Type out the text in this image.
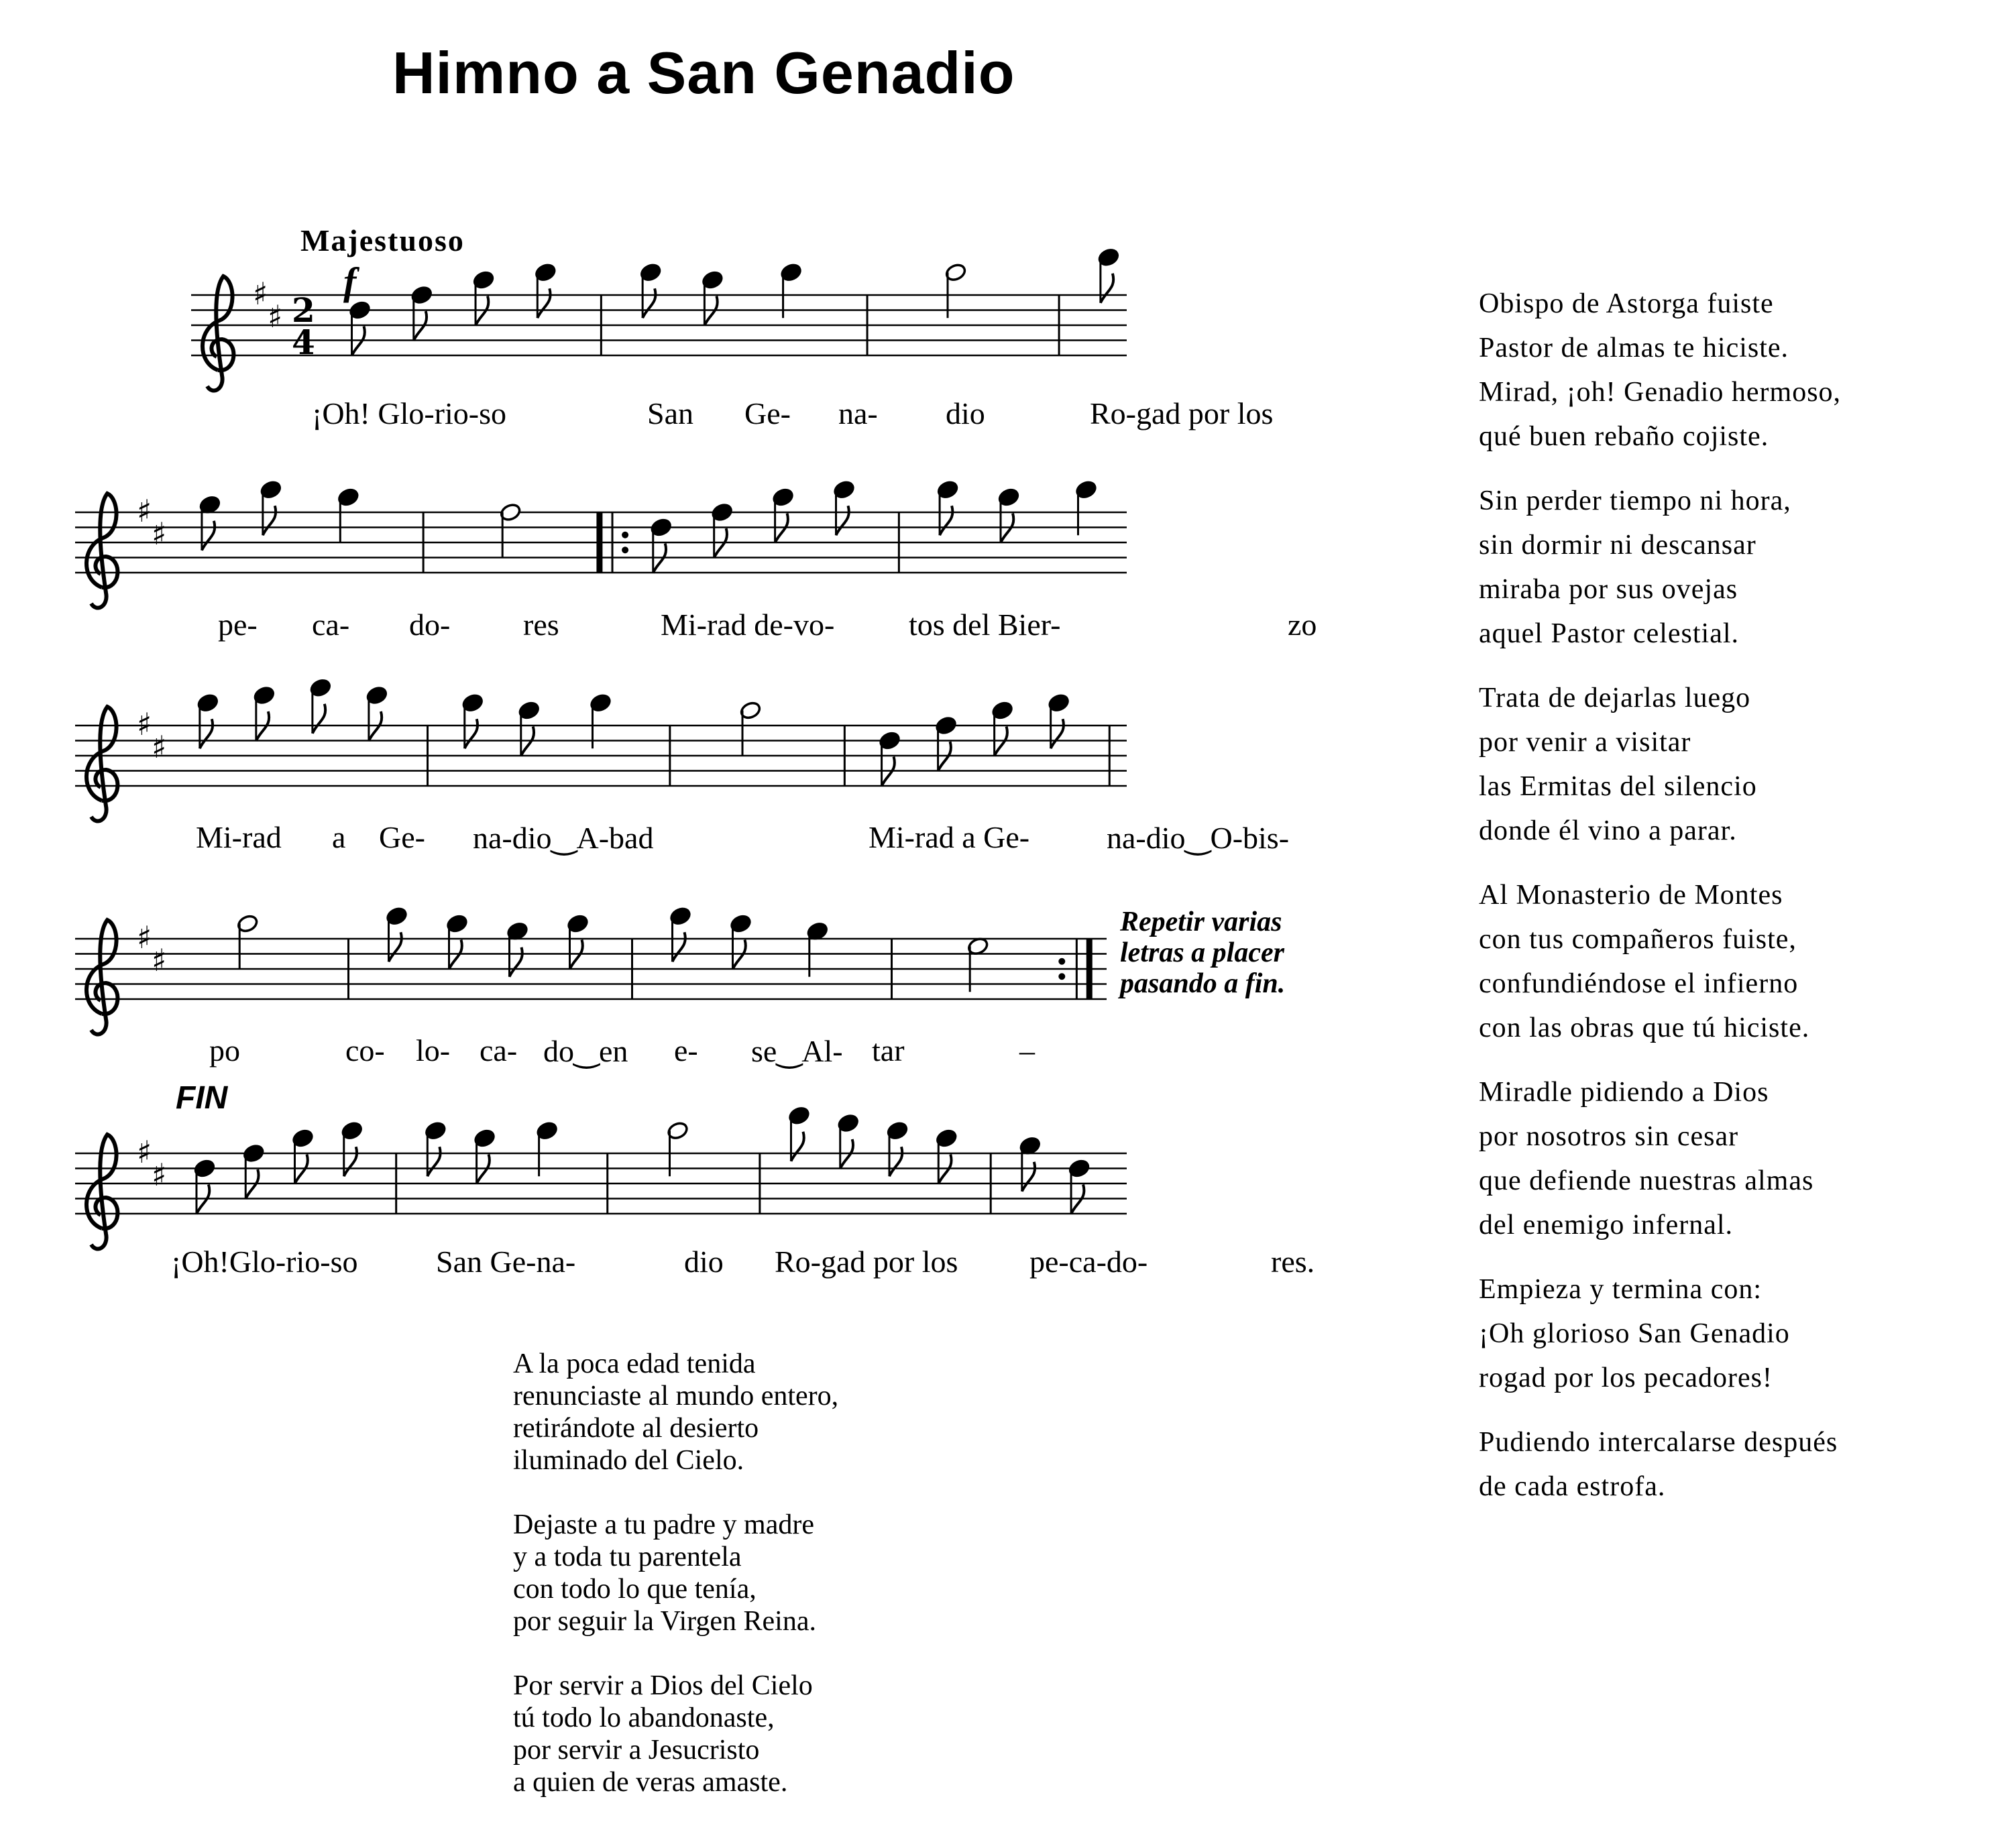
Himno a San Genadio
Majestuoso
f
FIN
Repetir varias
letras a placer
pasando a fin.
♯
♯ 2
4
♯
♯
♯
♯
♯
♯
♯
♯
¡Oh! Glo-rio-so	San Ge- na- dio	Ro-gad por los
pe- ca- do- res	Mi-rad de-vo- tos del Bier-	zo
Mi-rad a Ge- na-dio‿A-bad	Mi-rad a Ge- na-dio‿O-bis-
po	co- lo- ca- do‿en e- se‿Al- tar	–
¡Oh!Glo-rio-so	San Ge-na-	dio Ro-gad por los pe-ca-do-	res.
A la poca edad tenida
renunciaste al mundo entero,
retirándote al desierto
iluminado del Cielo.
Dejaste a tu padre y madre
y a toda tu parentela
con todo lo que tenía,
por seguir la Virgen Reina.
Por servir a Dios del Cielo
tú todo lo abandonaste,
por servir a Jesucristo
a quien de veras amaste.
Obispo de Astorga fuiste
Pastor de almas te hiciste.
Mirad, ¡oh! Genadio hermoso,
qué buen rebaño cojiste.
Sin perder tiempo ni hora,
sin dormir ni descansar
miraba por sus ovejas
aquel Pastor celestial.
Trata de dejarlas luego
por venir a visitar
las Ermitas del silencio
donde él vino a parar.
Al Monasterio de Montes
con tus compañeros fuiste,
confundiéndose el infierno
con las obras que tú hiciste.
Miradle pidiendo a Dios
por nosotros sin cesar
que defiende nuestras almas
del enemigo infernal.
Empieza y termina con:
¡Oh glorioso San Genadio
rogad por los pecadores!
Pudiendo intercalarse después
de cada estrofa.
